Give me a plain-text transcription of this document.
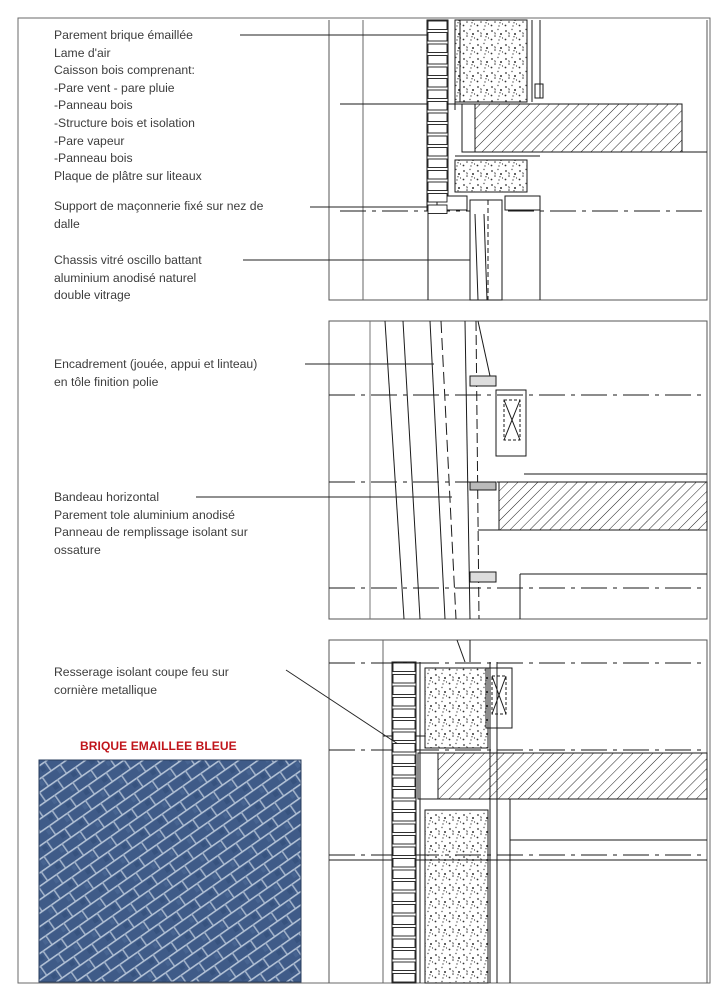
Parement brique émaillée
Lame d'air
Caisson bois comprenant:
-Pare vent - pare pluie
-Panneau bois
-Structure bois et isolation
-Pare vapeur
-Panneau bois
Plaque de plâtre sur liteaux
Support de maçonnerie fixé sur nez de
dalle
Chassis vitré oscillo battant
aluminium anodisé naturel
double vitrage
Encadrement (jouée, appui et linteau)
en tôle finition polie
Bandeau horizontal
Parement tole aluminium anodisé
Panneau de remplissage isolant sur
ossature
Resserage isolant coupe feu sur
cornière metallique
BRIQUE EMAILLEE BLEUE
